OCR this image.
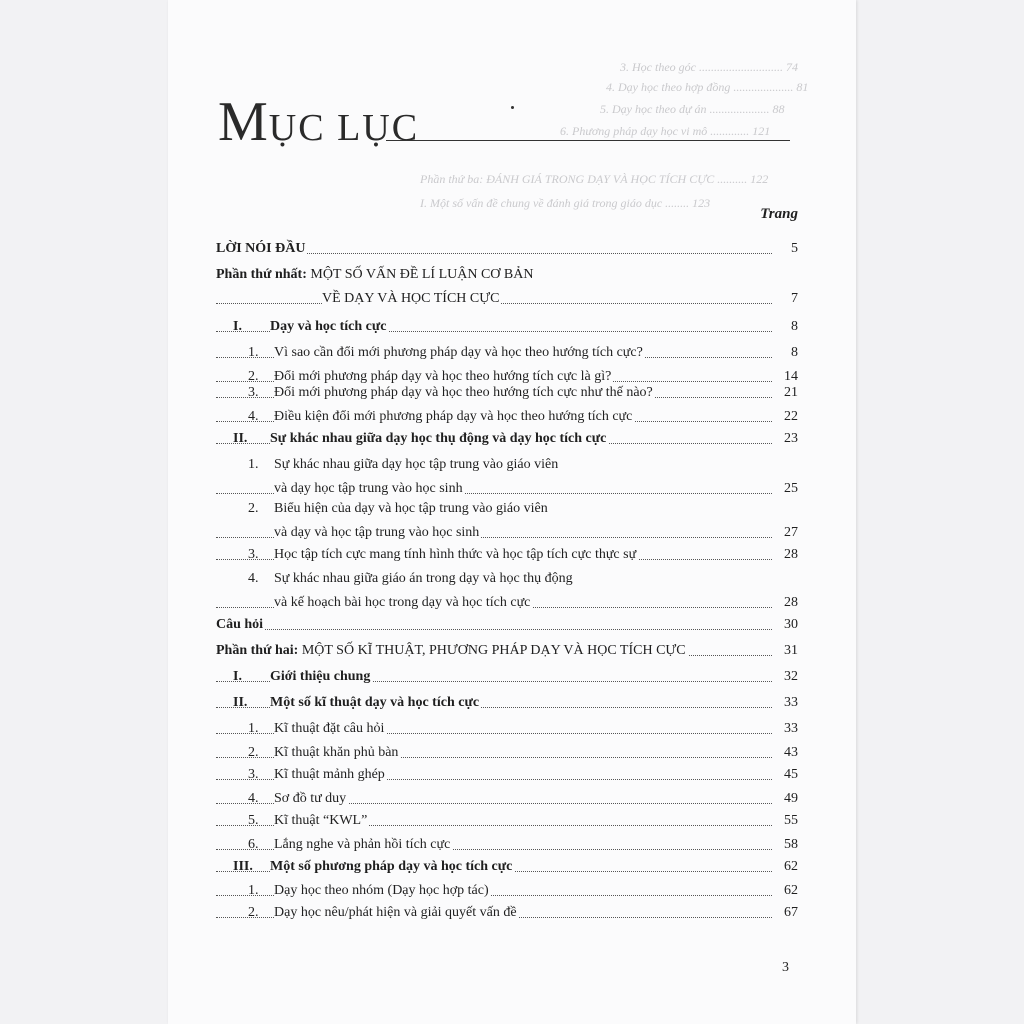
3. Học theo góc ............................ 74
4. Dạy học theo hợp đồng .................... 81
5. Dạy học theo dự án .................... 88
6. Phương pháp dạy học vi mô ............. 121
Phần thứ ba: ĐÁNH GIÁ TRONG DẠY VÀ HỌC TÍCH CỰC .......... 122
I. Một số vấn đề chung về đánh giá trong giáo dục ........ 123
MỤC LỤC
Trang
LỜI NÓI ĐẦU	5
Phần thứ nhất: MỘT SỐ VẤN ĐỀ LÍ LUẬN CƠ BẢN
VỀ DẠY VÀ HỌC TÍCH CỰC	7
I. Dạy và học tích cực	8
1. Vì sao cần đổi mới phương pháp dạy và học theo hướng tích cực?	8
2. Đổi mới phương pháp dạy và học theo hướng tích cực là gì?	14
3. Đổi mới phương pháp dạy và học theo hướng tích cực như thế nào?	21
4. Điều kiện đổi mới phương pháp dạy và học theo hướng tích cực	22
II. Sự khác nhau giữa dạy học thụ động và dạy học tích cực	23
1. Sự khác nhau giữa dạy học tập trung vào giáo viên
và dạy học tập trung vào học sinh	25
2. Biểu hiện của dạy và học tập trung vào giáo viên
và dạy và học tập trung vào học sinh	27
3. Học tập tích cực mang tính hình thức và học tập tích cực thực sự	28
4. Sự khác nhau giữa giáo án trong dạy và học thụ động
và kế hoạch bài học trong dạy và học tích cực	28
Câu hỏi	30
Phần thứ hai: MỘT SỐ KĨ THUẬT, PHƯƠNG PHÁP DẠY VÀ HỌC TÍCH CỰC	31
I. Giới thiệu chung	32
II. Một số kĩ thuật dạy và học tích cực	33
1. Kĩ thuật đặt câu hỏi	33
2. Kĩ thuật khăn phủ bàn	43
3. Kĩ thuật mảnh ghép	45
4. Sơ đồ tư duy	49
5. Kĩ thuật “KWL”	55
6. Lắng nghe và phản hồi tích cực	58
III. Một số phương pháp dạy và học tích cực	62
1. Dạy học theo nhóm (Dạy học hợp tác)	62
2. Dạy học nêu/phát hiện và giải quyết vấn đề	67
3
